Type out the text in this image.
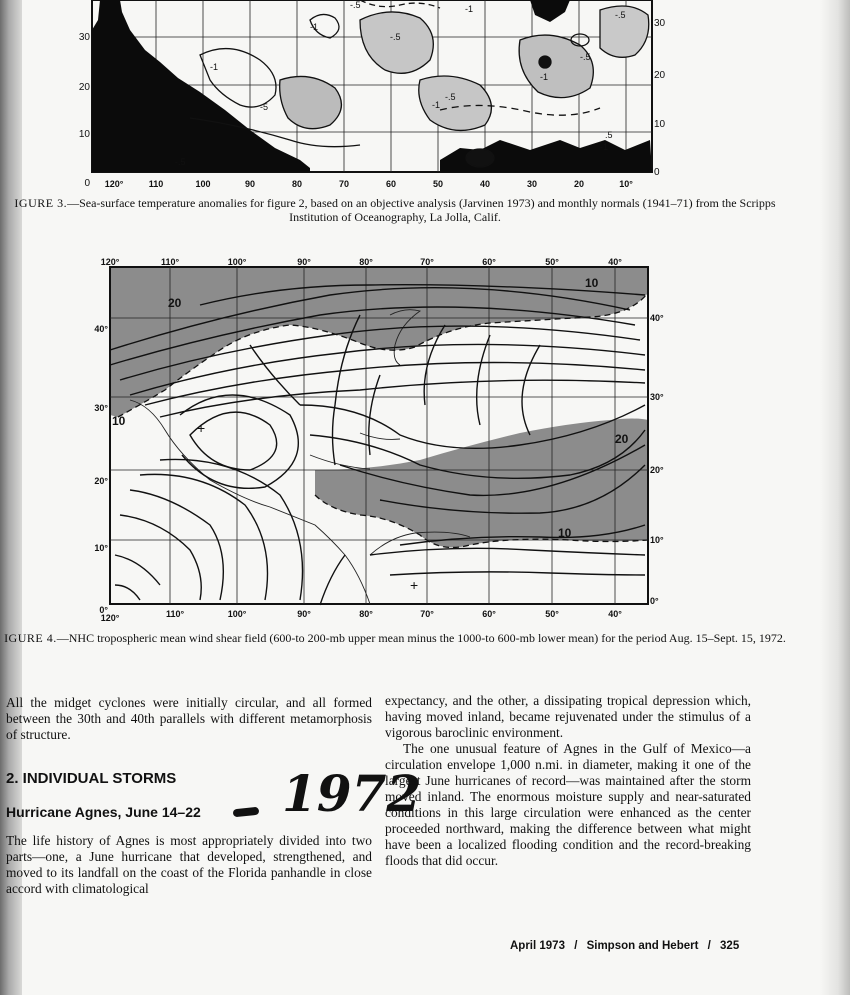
-.5	-1
-.5
-1
-1
-5
-.5
-.5
-1
-1
-.5
-1
.5
-.5
30
20
10
0
30
20
10
0
120°	110	100	90	80	70	60	50	40	30	20	10°
IGURE 3.—Sea-surface temperature anomalies for figure 2, based on an objective analysis (Jarvinen 1973) and monthly normals (1941–71) from the Scripps Institution of Oceanography, La Jolla, Calif.
+
+
20
10
10
20
10
120°	110°	100°	90°	80°	70°	60°	50°	40°
120°	110°	100°	90°	80°	70°	60°	50°	40°
40°
30°
20°
10°
0°
40°
30°
20°
10°
0°
IGURE 4.—NHC tropospheric mean wind shear field (600-to 200-mb upper mean minus the 1000-to 600-mb lower mean) for the period Aug. 15–Sept. 15, 1972.

All the midget cyclones were initially circular, and all formed between the 30th and 40th parallels with different metamorphosis of structure.

2. INDIVIDUAL STORMS
Hurricane Agnes, June 14–22 1972

The life history of Agnes is most appropriately divided into two parts—one, a June hurricane that developed, strengthened, and moved to its landfall on the coast of the Florida panhandle in close accord with climatological

expectancy, and the other, a dissipating tropical depression which, having moved inland, became rejuvenated under the stimulus of a vigorous baroclinic environment.

The one unusual feature of Agnes in the Gulf of Mexico—a circulation envelope 1,000 n.mi. in diameter, making it one of the largest June hurricanes of record—was maintained after the storm moved inland. The enormous moisture supply and near-saturated conditions in this large circulation were enhanced as the center proceeded northward, making the difference between what might have been a localized flooding condition and the record-breaking floods that did occur.

April 1973 / Simpson and Hebert / 325
